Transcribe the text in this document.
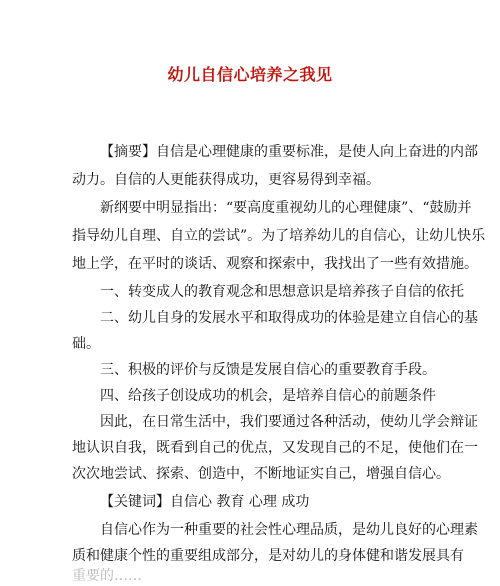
幼儿自信心培养之我见
【摘要】自信是心理健康的重要标准，是使人向上奋进的内部
动力。自信的人更能获得成功，更容易得到幸福。
新纲要中明显指出：“要高度重视幼儿的心理健康”、“鼓励并
指导幼儿自理、自立的尝试”。为了培养幼儿的自信心，让幼儿快乐
地上学，在平时的谈话、观察和探索中，我找出了一些有效措施。
一、转变成人的教育观念和思想意识是培养孩子自信的依托
二、幼儿自身的发展水平和取得成功的体验是建立自信心的基
础。
三、积极的评价与反馈是发展自信心的重要教育手段。
四、给孩子创设成功的机会，是培养自信心的前题条件
因此，在日常生活中，我们要通过各种活动，使幼儿学会辩证
地认识自我，既看到自己的优点，又发现自己的不足，使他们在一
次次地尝试、探索、创造中，不断地证实自己，增强自信心。
【关键词】自信心 教育 心理 成功
自信心作为一种重要的社会性心理品质，是幼儿良好的心理素
质和健康个性的重要组成部分，是对幼儿的身体健和谐发展具有
重要的……
